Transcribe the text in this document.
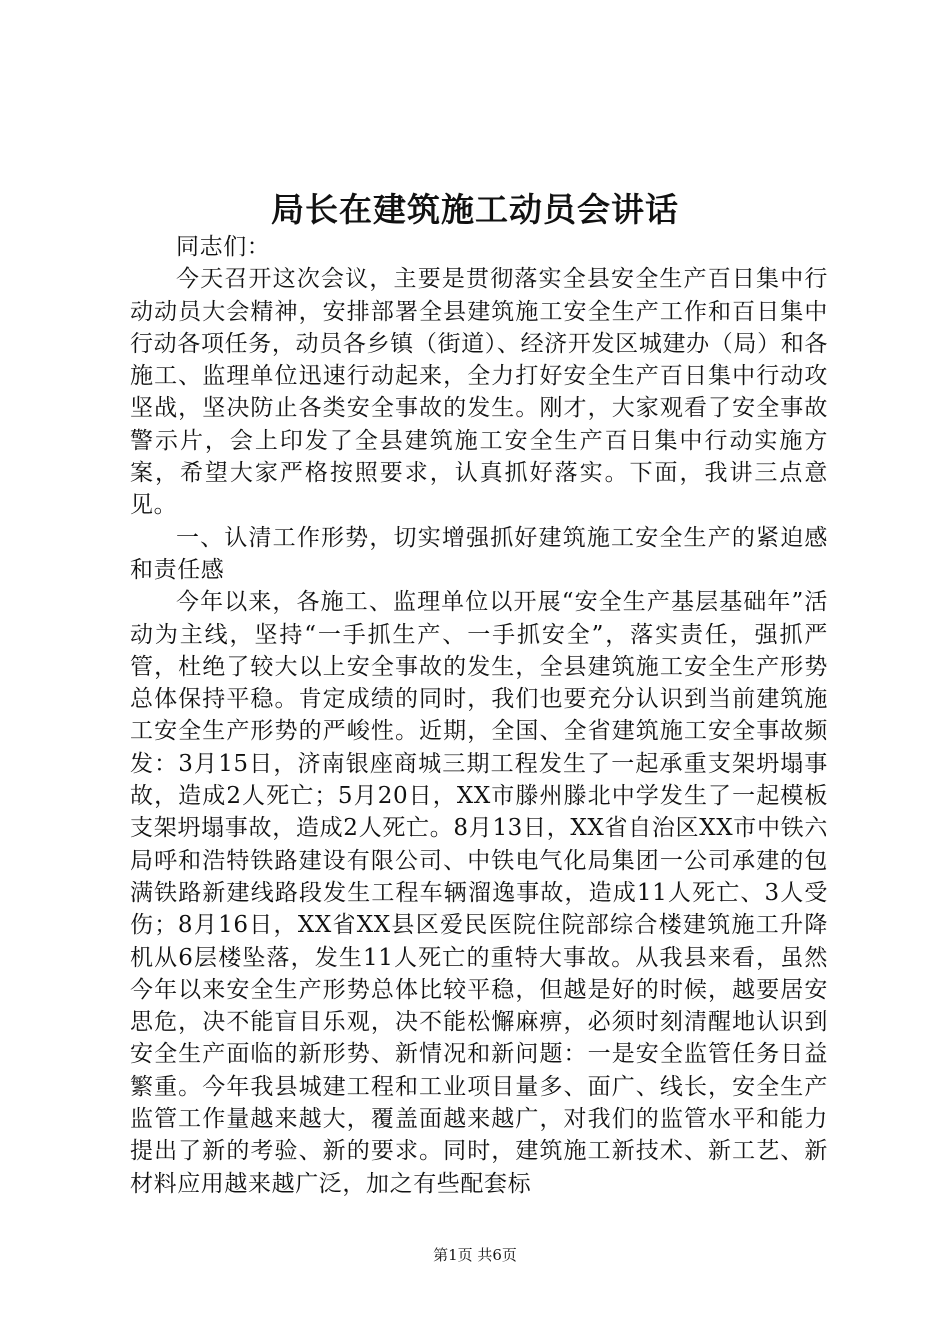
局长在建筑施工动员会讲话

同志们：

今天召开这次会议，主要是贯彻落实全县安全生产百日集中行动动员大会精神，安排部署全县建筑施工安全生产工作和百日集中行动各项任务，动员各乡镇（街道）、经济开发区城建办（局）和各施工、监理单位迅速行动起来，全力打好安全生产百日集中行动攻坚战，坚决防止各类安全事故的发生。刚才，大家观看了安全事故警示片，会上印发了全县建筑施工安全生产百日集中行动实施方案，希望大家严格按照要求，认真抓好落实。下面，我讲三点意见。

一、认清工作形势，切实增强抓好建筑施工安全生产的紧迫感和责任感

今年以来，各施工、监理单位以开展“安全生产基层基础年”活动为主线，坚持“一手抓生产、一手抓安全”，落实责任，强抓严管，杜绝了较大以上安全事故的发生，全县建筑施工安全生产形势总体保持平稳。肯定成绩的同时，我们也要充分认识到当前建筑施工安全生产形势的严峻性。近期，全国、全省建筑施工安全事故频发：3月15日，济南银座商城三期工程发生了一起承重支架坍塌事故，造成2人死亡；5月20日，XX市滕州滕北中学发生了一起模板支架坍塌事故，造成2人死亡。8月13日，XX省自治区XX市中铁六局呼和浩特铁路建设有限公司、中铁电气化局集团一公司承建的包满铁路新建线路段发生工程车辆溜逸事故，造成11人死亡、3人受伤；8月16日，XX省XX县区爱民医院住院部综合楼建筑施工升降机从6层楼坠落，发生11人死亡的重特大事故。从我县来看，虽然今年以来安全生产形势总体比较平稳，但越是好的时候，越要居安思危，决不能盲目乐观，决不能松懈麻痹，必须时刻清醒地认识到安全生产面临的新形势、新情况和新问题：一是安全监管任务日益繁重。今年我县城建工程和工业项目量多、面广、线长，安全生产监管工作量越来越大，覆盖面越来越广，对我们的监管水平和能力提出了新的考验、新的要求。同时，建筑施工新技术、新工艺、新材料应用越来越广泛，加之有些配套标

第1页 共6页
